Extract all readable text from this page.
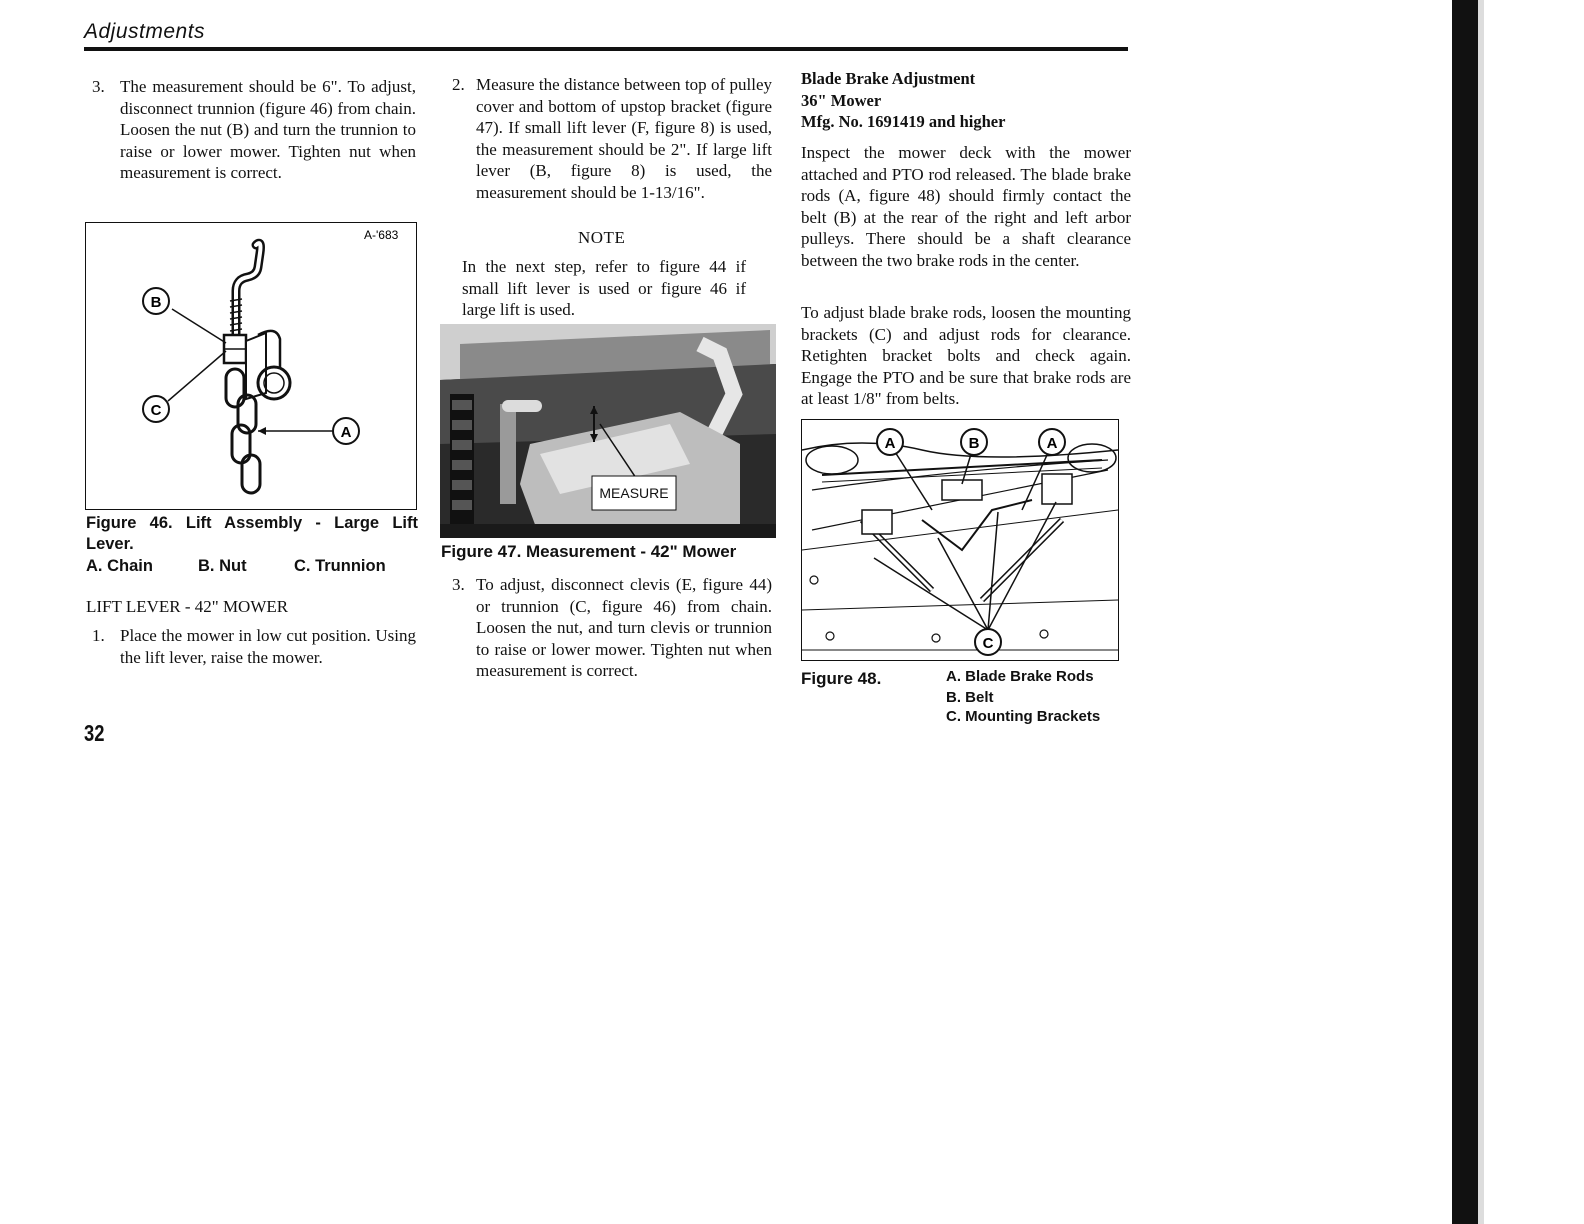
Adjustments
3. The measurement should be 6". To adjust, disconnect trunnion (figure 46) from chain. Loosen the nut (B) and turn the trunnion to raise or lower mower. Tighten nut when measurement is correct.
A-'683
B
C
A
Figure 46. Lift Assembly - Large Lift Lever.
A. Chain	B. Nut	C. Trunnion
LIFT LEVER - 42" MOWER
1. Place the mower in low cut position. Using the lift lever, raise the mower.
32
2. Measure the distance between top of pulley cover and bottom of upstop bracket (figure 47). If small lift lever (F, figure 8) is used, the measurement should be 2". If large lift lever (B, figure 8) is used, the measurement should be 1-13/16".
NOTE
In the next step, refer to figure 44 if small lift lever is used or figure 46 if large lift is used.
MEASURE
Figure 47. Measurement - 42" Mower
3. To adjust, disconnect clevis (E, figure 44) or trunnion (C, figure 46) from chain. Loosen the nut, and turn clevis or trunnion to raise or lower mower. Tighten nut when measurement is correct.
Blade Brake Adjustment
36" Mower
Mfg. No. 1691419 and higher
Inspect the mower deck with the mower attached and PTO rod released. The blade brake rods (A, figure 48) should firmly contact the belt (B) at the rear of the right and left arbor pulleys. There should be a shaft clearance between the two brake rods in the center.
To adjust blade brake rods, loosen the mounting brackets (C) and adjust rods for clearance. Retighten bracket bolts and check again. Engage the PTO and be sure that brake rods are at least 1/8" from belts.
A	B	A
C
Figure 48.	A. Blade Brake Rods
B. Belt
C. Mounting Brackets
